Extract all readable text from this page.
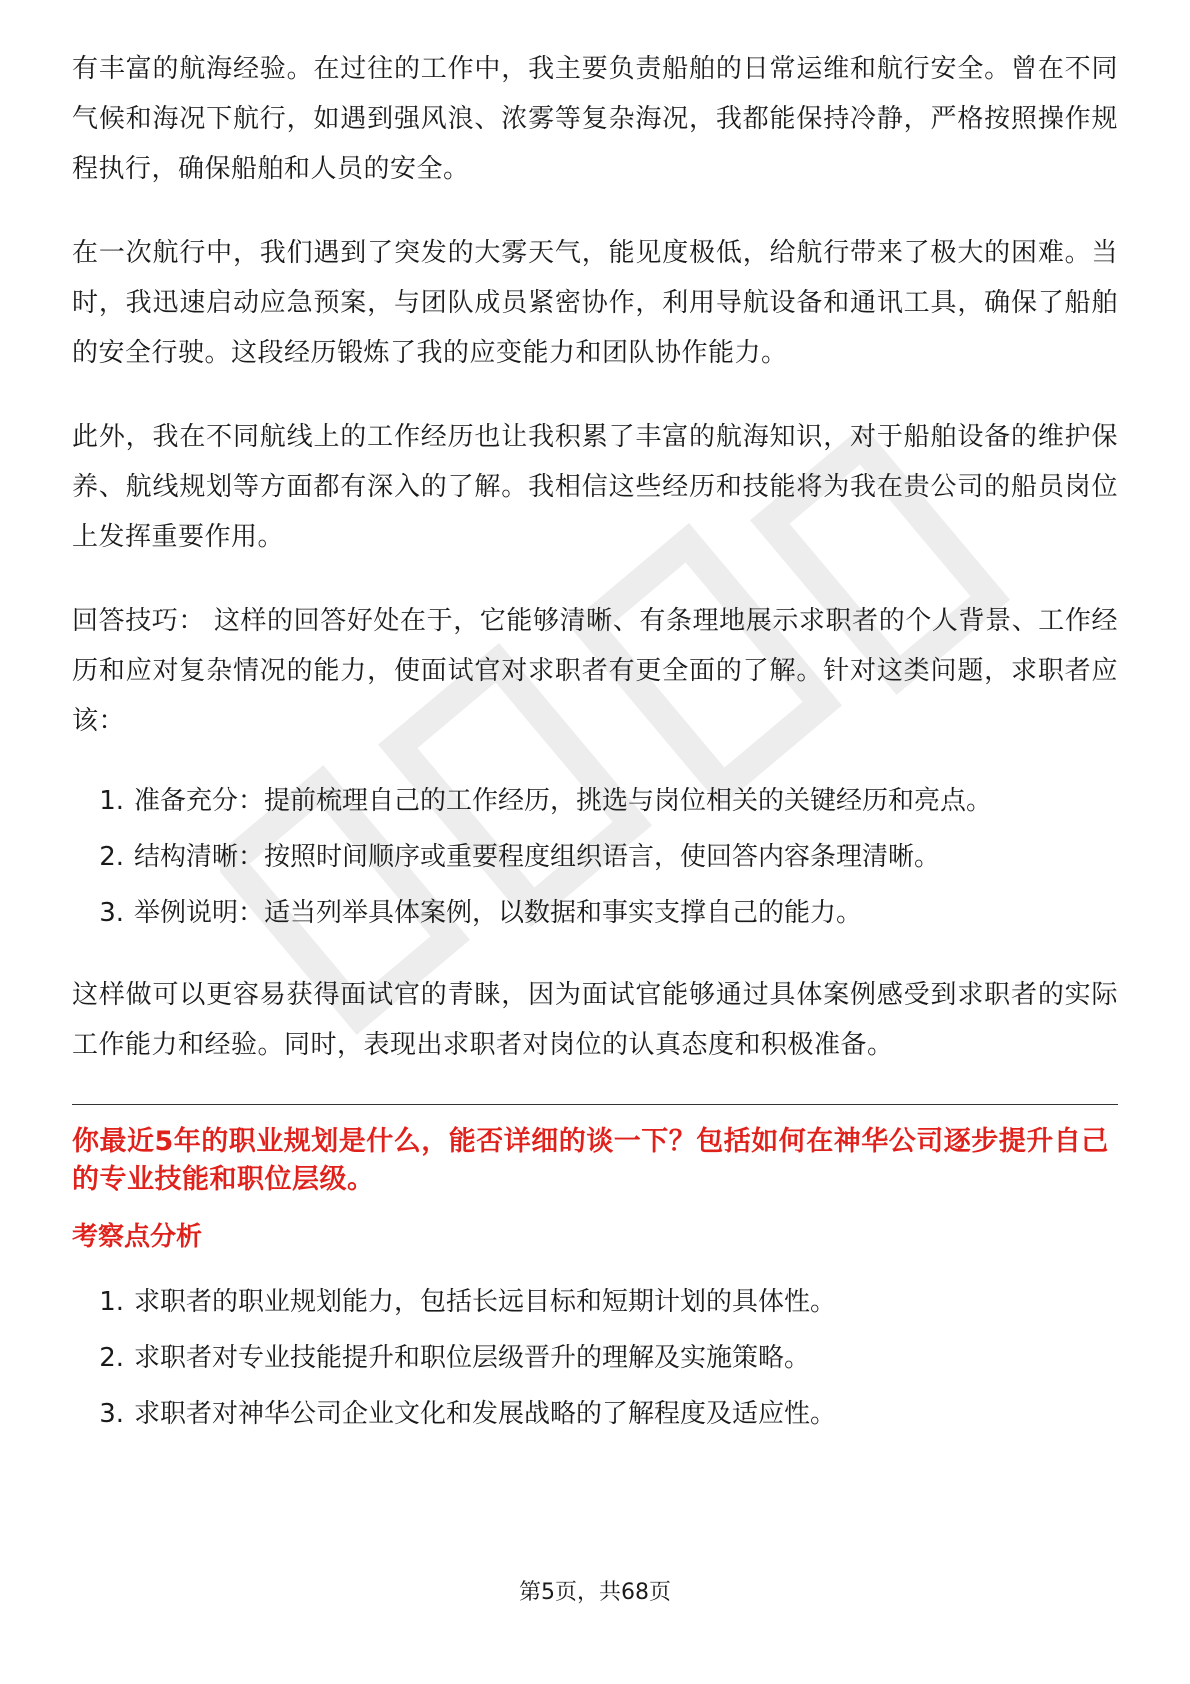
有丰富的航海经验。在过往的工作中，我主要负责船舶的日常运维和航行安全。曾在不同气候和海况下航行，如遇到强风浪、浓雾等复杂海况，我都能保持冷静，严格按照操作规程执行，确保船舶和人员的安全。

在一次航行中，我们遇到了突发的大雾天气，能见度极低，给航行带来了极大的困难。当时，我迅速启动应急预案，与团队成员紧密协作，利用导航设备和通讯工具，确保了船舶的安全行驶。这段经历锻炼了我的应变能力和团队协作能力。

此外，我在不同航线上的工作经历也让我积累了丰富的航海知识，对于船舶设备的维护保养、航线规划等方面都有深入的了解。我相信这些经历和技能将为我在贵公司的船员岗位上发挥重要作用。

回答技巧： 这样的回答好处在于，它能够清晰、有条理地展示求职者的个人背景、工作经历和应对复杂情况的能力，使面试官对求职者有更全面的了解。针对这类问题，求职者应该：

1. 准备充分：提前梳理自己的工作经历，挑选与岗位相关的关键经历和亮点。
2. 结构清晰：按照时间顺序或重要程度组织语言，使回答内容条理清晰。
3. 举例说明：适当列举具体案例，以数据和事实支撑自己的能力。

这样做可以更容易获得面试官的青睐，因为面试官能够通过具体案例感受到求职者的实际工作能力和经验。同时，表现出求职者对岗位的认真态度和积极准备。

你最近5年的职业规划是什么，能否详细的谈一下？包括如何在神华公司逐步提升自己的专业技能和职位层级。
考察点分析
1. 求职者的职业规划能力，包括长远目标和短期计划的具体性。
2. 求职者对专业技能提升和职位层级晋升的理解及实施策略。
3. 求职者对神华公司企业文化和发展战略的了解程度及适应性。
第5页，共68页
